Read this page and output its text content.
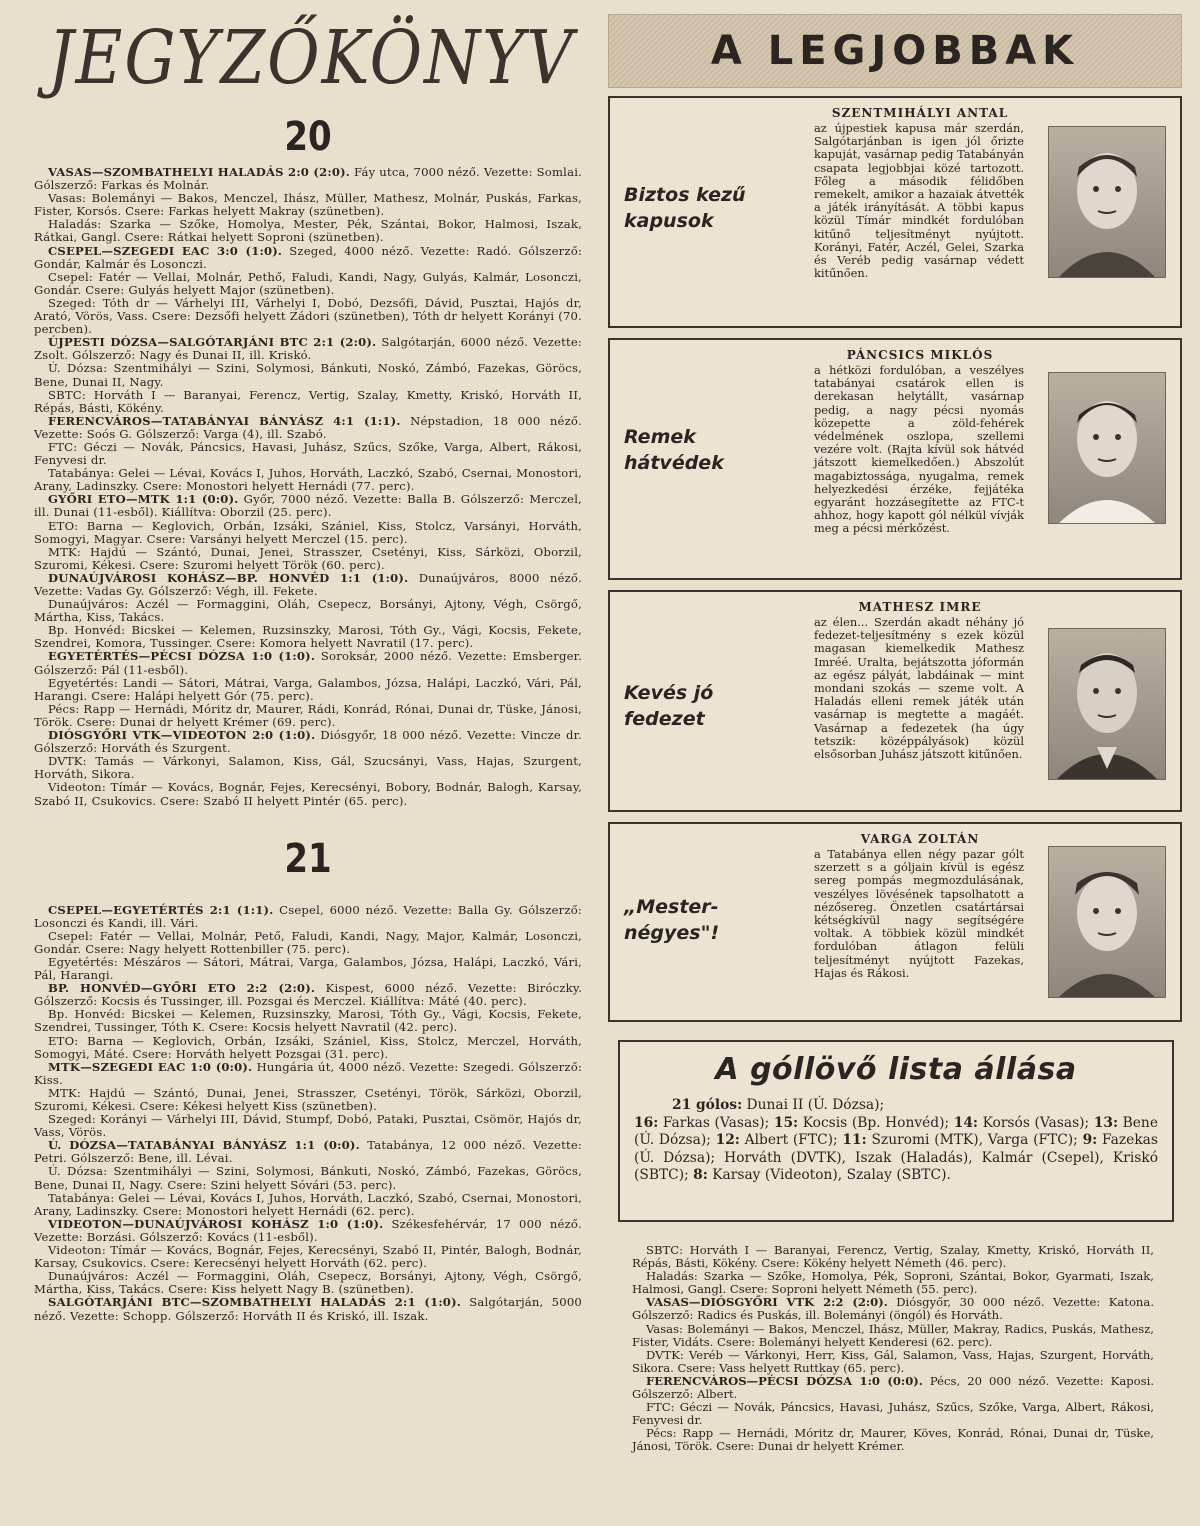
JEGYZŐKÖNYV
20

VASAS—SZOMBATHELYI HALADÁS 2:0 (2:0). Fáy utca, 7000 néző. Vezette: Somlai. Gólszerző: Farkas és Molnár.

Vasas: Bolemányi — Bakos, Menczel, Ihász, Müller, Mathesz, Molnár, Puskás, Farkas, Fister, Korsós. Csere: Farkas helyett Makray (szünetben).

Haladás: Szarka — Szőke, Homolya, Mester, Pék, Szántai, Bokor, Halmosi, Iszak, Rátkai, Gangl. Csere: Rátkai helyett Soproni (szünetben).

CSEPEL—SZEGEDI EAC 3:0 (1:0). Szeged, 4000 néző. Vezette: Radó. Gólszerző: Gondár, Kalmár és Losonczi.

Csepel: Fatér — Vellai, Molnár, Pethő, Faludi, Kandi, Nagy, Gulyás, Kalmár, Losonczi, Gondár. Csere: Gulyás helyett Major (szünetben).

Szeged: Tóth dr — Várhelyi III, Várhelyi I, Dobó, Dezsőfi, Dávid, Pusztai, Hajós dr, Arató, Vörös, Vass. Csere: Dezsőfi helyett Zádori (szünetben), Tóth dr helyett Korányi (70. percben).

ÚJPESTI DÓZSA—SALGÓTARJÁNI BTC 2:1 (2:0). Salgótarján, 6000 néző. Vezette: Zsolt. Gólszerző: Nagy és Dunai II, ill. Kriskó.

Ú. Dózsa: Szentmihályi — Szini, Solymosi, Bánkuti, Noskó, Zámbó, Fazekas, Göröcs, Bene, Dunai II, Nagy.

SBTC: Horváth I — Baranyai, Ferencz, Vertig, Szalay, Kmetty, Kriskó, Horváth II, Répás, Básti, Kökény.

FERENCVÁROS—TATABÁNYAI BÁNYÁSZ 4:1 (1:1). Népstadion, 18 000 néző. Vezette: Soós G. Gólszerző: Varga (4), ill. Szabó.

FTC: Géczi — Novák, Páncsics, Havasi, Juhász, Szűcs, Szőke, Varga, Albert, Rákosi, Fenyvesi dr.

Tatabánya: Gelei — Lévai, Kovács I, Juhos, Horváth, Laczkó, Szabó, Csernai, Monostori, Arany, Ladinszky. Csere: Monostori helyett Hernádi (77. perc).

GYŐRI ETO—MTK 1:1 (0:0). Győr, 7000 néző. Vezette: Balla B. Gólszerző: Merczel, ill. Dunai (11-esből). Kiállítva: Oborzil (25. perc).

ETO: Barna — Keglovich, Orbán, Izsáki, Szániel, Kiss, Stolcz, Varsányi, Horváth, Somogyi, Magyar. Csere: Varsányi helyett Merczel (15. perc).

MTK: Hajdú — Szántó, Dunai, Jenei, Strasszer, Csetényi, Kiss, Sárközi, Oborzil, Szuromi, Kékesi. Csere: Szuromi helyett Török (60. perc).

DUNAÚJVÁROSI KOHÁSZ—BP. HONVÉD 1:1 (1:0). Dunaújváros, 8000 néző. Vezette: Vadas Gy. Gólszerző: Végh, ill. Fekete.

Dunaújváros: Aczél — Formaggini, Oláh, Csepecz, Borsányi, Ajtony, Végh, Csörgő, Mártha, Kiss, Takács.

Bp. Honvéd: Bicskei — Kelemen, Ruzsinszky, Marosi, Tóth Gy., Vági, Kocsis, Fekete, Szendrei, Komora, Tussinger. Csere: Komora helyett Navratil (17. perc).

EGYETÉRTÉS—PÉCSI DÓZSA 1:0 (1:0). Soroksár, 2000 néző. Vezette: Emsberger. Gólszerző: Pál (11-esből).

Egyetértés: Landi — Sátori, Mátrai, Varga, Galambos, Józsa, Halápi, Laczkó, Vári, Pál, Harangi. Csere: Halápi helyett Gór (75. perc).

Pécs: Rapp — Hernádi, Móritz dr, Maurer, Rádi, Konrád, Rónai, Dunai dr, Tüske, Jánosi, Török. Csere: Dunai dr helyett Krémer (69. perc).

DIÓSGYŐRI VTK—VIDEOTON 2:0 (1:0). Diósgyőr, 18 000 néző. Vezette: Vincze dr. Gólszerző: Horváth és Szurgent.

DVTK: Tamás — Várkonyi, Salamon, Kiss, Gál, Szucsányi, Vass, Hajas, Szurgent, Horváth, Sikora.

Videoton: Tímár — Kovács, Bognár, Fejes, Kerecsényi, Bobory, Bodnár, Balogh, Karsay, Szabó II, Csukovics. Csere: Szabó II helyett Pintér (65. perc).

21

CSEPEL—EGYETÉRTÉS 2:1 (1:1). Csepel, 6000 néző. Vezette: Balla Gy. Gólszerző: Losonczi és Kandi, ill. Vári.

Csepel: Fatér — Vellai, Molnár, Pető, Faludi, Kandi, Nagy, Major, Kalmár, Losonczi, Gondár. Csere: Nagy helyett Rottenbiller (75. perc).

Egyetértés: Mészáros — Sátori, Mátrai, Varga, Galambos, Józsa, Halápi, Laczkó, Vári, Pál, Harangi.

BP. HONVÉD—GYŐRI ETO 2:2 (2:0). Kispest, 6000 néző. Vezette: Biróczky. Gólszerző: Kocsis és Tussinger, ill. Pozsgai és Merczel. Kiállítva: Máté (40. perc).

Bp. Honvéd: Bicskei — Kelemen, Ruzsinszky, Marosi, Tóth Gy., Vági, Kocsis, Fekete, Szendrei, Tussinger, Tóth K. Csere: Kocsis helyett Navratil (42. perc).

ETO: Barna — Keglovich, Orbán, Izsáki, Szániel, Kiss, Stolcz, Merczel, Horváth, Somogyi, Máté. Csere: Horváth helyett Pozsgai (31. perc).

MTK—SZEGEDI EAC 1:0 (0:0). Hungária út, 4000 néző. Vezette: Szegedi. Gólszerző: Kiss.

MTK: Hajdú — Szántó, Dunai, Jenei, Strasszer, Csetényi, Török, Sárközi, Oborzil, Szuromi, Kékesi. Csere: Kékesi helyett Kiss (szünetben).

Szeged: Korányi — Várhelyi III, Dávid, Stumpf, Dobó, Pataki, Pusztai, Csömör, Hajós dr, Vass, Vörös.

Ú. DÓZSA—TATABÁNYAI BÁNYÁSZ 1:1 (0:0). Tatabánya, 12 000 néző. Vezette: Petri. Gólszerző: Bene, ill. Lévai.

Ú. Dózsa: Szentmihályi — Szini, Solymosi, Bánkuti, Noskó, Zámbó, Fazekas, Göröcs, Bene, Dunai II, Nagy. Csere: Szini helyett Sóvári (53. perc).

Tatabánya: Gelei — Lévai, Kovács I, Juhos, Horváth, Laczkó, Szabó, Csernai, Monostori, Arany, Ladinszky. Csere: Monostori helyett Hernádi (62. perc).

VIDEOTON—DUNAÚJVÁROSI KOHÁSZ 1:0 (1:0). Székesfehérvár, 17 000 néző. Vezette: Borzási. Gólszerző: Kovács (11-esből).

Videoton: Tímár — Kovács, Bognár, Fejes, Kerecsényi, Szabó II, Pintér, Balogh, Bodnár, Karsay, Csukovics. Csere: Kerecsényi helyett Horváth (62. perc).

Dunaújváros: Aczél — Formaggini, Oláh, Csepecz, Borsányi, Ajtony, Végh, Csörgő, Mártha, Kiss, Takács. Csere: Kiss helyett Nagy B. (szünetben).

SALGÓTARJÁNI BTC—SZOMBATHELYI HALADÁS 2:1 (1:0). Salgótarján, 5000 néző. Vezette: Schopp. Gólszerző: Horváth II és Kriskó, ill. Iszak.

A LEGJOBBAK
Biztos kezű
kapusok
SZENTMIHÁLYI ANTAL
az újpestiek kapusa már szerdán, Salgótarjánban is igen jól őrizte kapuját, vasárnap pedig Tatabányán csapata legjobbjai közé tartozott. Főleg a második félidőben remekelt, amikor a hazaiak átvették a játék irányítását. A többi kapus közül Tímár mindkét fordulóban kitűnő teljesítményt nyújtott. Korányi, Fatér, Aczél, Gelei, Szarka és Veréb pedig vasárnap védett kitűnően.
Remek
hátvédek
PÁNCSICS MIKLÓS
a hétközi fordulóban, a veszélyes tatabányai csatárok ellen is derekasan helytállt, vasárnap pedig, a nagy pécsi nyomás közepette a zöld-fehérek védelmének oszlopa, szellemi vezére volt. (Rajta kívül sok hátvéd játszott kiemelkedően.) Abszolút magabiztossága, nyugalma, remek helyezkedési érzéke, fejjátéka egyaránt hozzásegítette az FTC-t ahhoz, hogy kapott gól nélkül vívják meg a pécsi mérkőzést.
Kevés jó
fedezet
MATHESZ IMRE
az élen... Szerdán akadt néhány jó fedezet-teljesítmény s ezek közül magasan kiemelkedik Mathesz Imréé. Uralta, bejátszotta jóformán az egész pályát, labdáinak — mint mondani szokás — szeme volt. A Haladás elleni remek játék után vasárnap is megtette a magáét. Vasárnap a fedezetek (ha úgy tetszik: középpályások) közül elsősorban Juhász játszott kitűnően.
„Mester-
négyes"!
VARGA ZOLTÁN
a Tatabánya ellen négy pazar gólt szerzett s a góljain kívül is egész sereg pompás megmozdulásának, veszélyes lövésének tapsolhatott a nézősereg. Önzetlen csatártársai kétségkívül nagy segítségére voltak. A többiek közül mindkét fordulóban átlagon felüli teljesítményt nyújtott Fazekas, Hajas és Rákosi.
A góllövő lista állása
21 gólos: Dunai II (Ú. Dózsa);
16: Farkas (Vasas); 15: Kocsis (Bp. Honvéd); 14: Korsós (Vasas); 13: Bene (Ú. Dózsa); 12: Albert (FTC); 11: Szuromi (MTK), Varga (FTC); 9: Fazekas (Ú. Dózsa); Horváth (DVTK), Iszak (Haladás), Kalmár (Csepel), Kriskó (SBTC); 8: Karsay (Videoton), Szalay (SBTC).

SBTC: Horváth I — Baranyai, Ferencz, Vertig, Szalay, Kmetty, Kriskó, Horváth II, Répás, Básti, Kökény. Csere: Kökény helyett Németh (46. perc).

Haladás: Szarka — Szőke, Homolya, Pék, Soproni, Szántai, Bokor, Gyarmati, Iszak, Halmosi, Gangl. Csere: Soproni helyett Németh (55. perc).

VASAS—DIÓSGYŐRI VTK 2:2 (2:0). Diósgyőr, 30 000 néző. Vezette: Katona. Gólszerző: Radics és Puskás, ill. Bolemányi (öngól) és Horváth.

Vasas: Bolemányi — Bakos, Menczel, Ihász, Müller, Makray, Radics, Puskás, Mathesz, Fister, Vidáts. Csere: Bolemányi helyett Kenderesi (62. perc).

DVTK: Veréb — Várkonyi, Herr, Kiss, Gál, Salamon, Vass, Hajas, Szurgent, Horváth, Sikora. Csere: Vass helyett Ruttkay (65. perc).

FERENCVÁROS—PÉCSI DÓZSA 1:0 (0:0). Pécs, 20 000 néző. Vezette: Kaposi. Gólszerző: Albert.

FTC: Géczi — Novák, Páncsics, Havasi, Juhász, Szűcs, Szőke, Varga, Albert, Rákosi, Fenyvesi dr.

Pécs: Rapp — Hernádi, Móritz dr, Maurer, Köves, Konrád, Rónai, Dunai dr, Tüske, Jánosi, Török. Csere: Dunai dr helyett Krémer.
